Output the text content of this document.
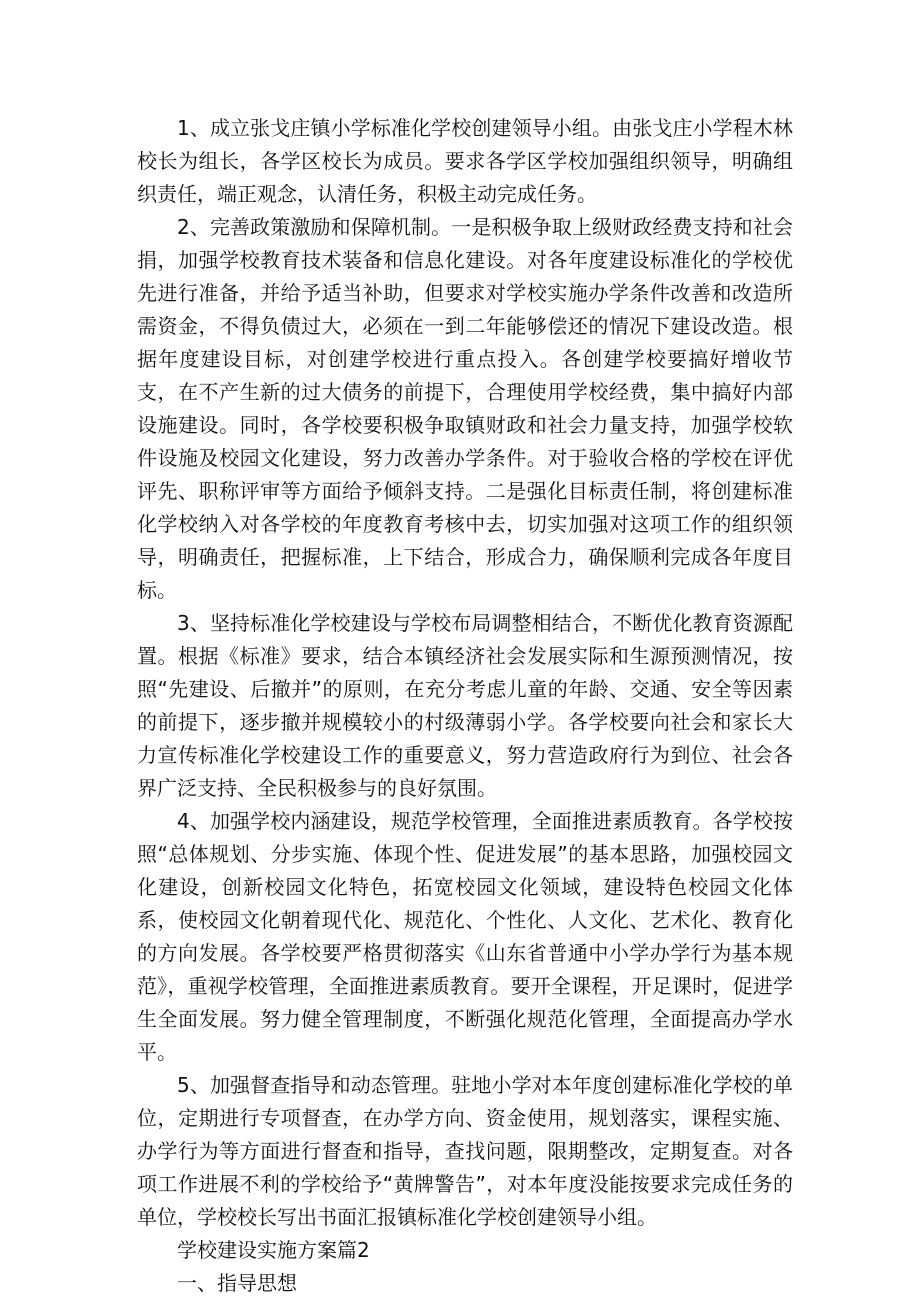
1、成立张戈庄镇小学标准化学校创建领导小组。由张戈庄小学程木林校长为组长，各学区校长为成员。要求各学区学校加强组织领导，明确组织责任，端正观念，认清任务，积极主动完成任务。

2、完善政策激励和保障机制。一是积极争取上级财政经费支持和社会捐，加强学校教育技术装备和信息化建设。对各年度建设标准化的学校优先进行准备，并给予适当补助，但要求对学校实施办学条件改善和改造所需资金，不得负债过大，必须在一到二年能够偿还的情况下建设改造。根据年度建设目标，对创建学校进行重点投入。各创建学校要搞好增收节支，在不产生新的过大债务的前提下，合理使用学校经费，集中搞好内部设施建设。同时，各学校要积极争取镇财政和社会力量支持，加强学校软件设施及校园文化建设，努力改善办学条件。对于验收合格的学校在评优评先、职称评审等方面给予倾斜支持。二是强化目标责任制，将创建标准化学校纳入对各学校的年度教育考核中去，切实加强对这项工作的组织领导，明确责任，把握标准，上下结合，形成合力，确保顺利完成各年度目标。

3、坚持标准化学校建设与学校布局调整相结合，不断优化教育资源配置。根据《标准》要求，结合本镇经济社会发展实际和生源预测情况，按照“先建设、后撤并”的原则，在充分考虑儿童的年龄、交通、安全等因素的前提下，逐步撤并规模较小的村级薄弱小学。各学校要向社会和家长大力宣传标准化学校建设工作的重要意义，努力营造政府行为到位、社会各界广泛支持、全民积极参与的良好氛围。

4、加强学校内涵建设，规范学校管理，全面推进素质教育。各学校按照“总体规划、分步实施、体现个性、促进发展”的基本思路，加强校园文化建设，创新校园文化特色，拓宽校园文化领域，建设特色校园文化体系，使校园文化朝着现代化、规范化、个性化、人文化、艺术化、教育化的方向发展。各学校要严格贯彻落实《山东省普通中小学办学行为基本规范》，重视学校管理，全面推进素质教育。要开全课程，开足课时，促进学生全面发展。努力健全管理制度，不断强化规范化管理，全面提高办学水平。

5、加强督查指导和动态管理。驻地小学对本年度创建标准化学校的单位，定期进行专项督查，在办学方向、资金使用，规划落实，课程实施、办学行为等方面进行督查和指导，查找问题，限期整改，定期复查。对各项工作进展不利的学校给予“黄牌警告”，对本年度没能按要求完成任务的单位，学校校长写出书面汇报镇标准化学校创建领导小组。

学校建设实施方案篇2

一、指导思想
